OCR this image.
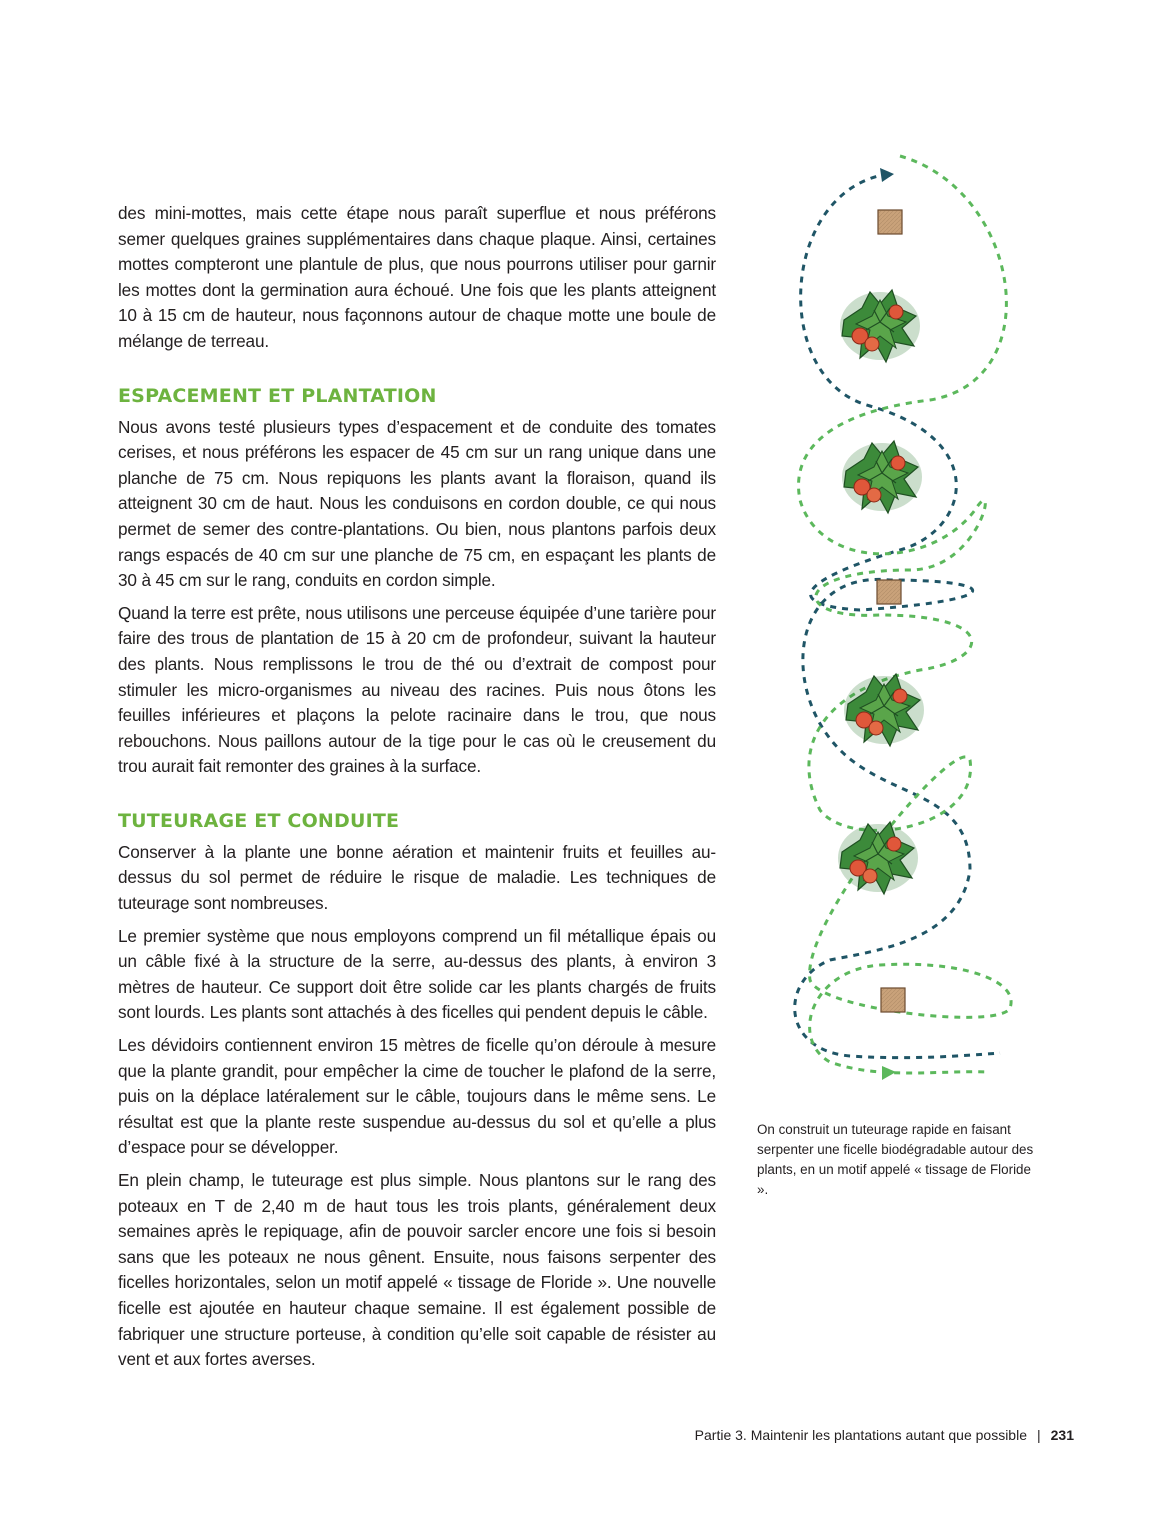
des mini-mottes, mais cette étape nous paraît superflue et nous préférons semer quelques graines supplémentaires dans chaque plaque. Ainsi, certaines mottes compteront une plantule de plus, que nous pourrons utiliser pour garnir les mottes dont la germination aura échoué. Une fois que les plants atteignent 10 à 15 cm de hauteur, nous façonnons autour de chaque motte une boule de mélange de terreau.

ESPACEMENT ET PLANTATION

Nous avons testé plusieurs types d’espacement et de conduite des tomates cerises, et nous préférons les espacer de 45 cm sur un rang unique dans une planche de 75 cm. Nous repiquons les plants avant la floraison, quand ils atteignent 30 cm de haut. Nous les conduisons en cordon double, ce qui nous permet de semer des contre-plantations. Ou bien, nous plantons parfois deux rangs espacés de 40 cm sur une planche de 75 cm, en espaçant les plants de 30 à 45 cm sur le rang, conduits en cordon simple.

Quand la terre est prête, nous utilisons une perceuse équipée d’une tarière pour faire des trous de plantation de 15 à 20 cm de profondeur, suivant la hauteur des plants. Nous remplissons le trou de thé ou d’extrait de compost pour stimuler les micro-organismes au niveau des racines. Puis nous ôtons les feuilles inférieures et plaçons la pelote racinaire dans le trou, que nous rebouchons. Nous paillons autour de la tige pour le cas où le creusement du trou aurait fait remonter des graines à la surface.

TUTEURAGE ET CONDUITE

Conserver à la plante une bonne aération et maintenir fruits et feuilles au-dessus du sol permet de réduire le risque de maladie. Les techniques de tuteurage sont nombreuses.

Le premier système que nous employons comprend un fil métallique épais ou un câble fixé à la structure de la serre, au-dessus des plants, à environ 3 mètres de hauteur. Ce support doit être solide car les plants chargés de fruits sont lourds. Les plants sont attachés à des ficelles qui pendent depuis le câble.

Les dévidoirs contiennent environ 15 mètres de ficelle qu’on déroule à mesure que la plante grandit, pour empêcher la cime de toucher le plafond de la serre, puis on la déplace latéralement sur le câble, toujours dans le même sens. Le résultat est que la plante reste suspendue au-dessus du sol et qu’elle a plus d’espace pour se développer.

En plein champ, le tuteurage est plus simple. Nous plantons sur le rang des poteaux en T de 2,40 m de haut tous les trois plants, généralement deux semaines après le repiquage, afin de pouvoir sarcler encore une fois si besoin sans que les poteaux ne nous gênent. Ensuite, nous faisons serpenter des ficelles horizontales, selon un motif appelé « tissage de Floride ». Une nouvelle ficelle est ajoutée en hauteur chaque semaine. Il est également possible de fabriquer une structure porteuse, à condition qu’elle soit capable de résister au vent et aux fortes averses.

On construit un tuteurage rapide en faisant serpenter une ficelle biodégradable autour des plants, en un motif appelé « tissage de Floride ».
Partie 3. Maintenir les plantations autant que possible | 231
